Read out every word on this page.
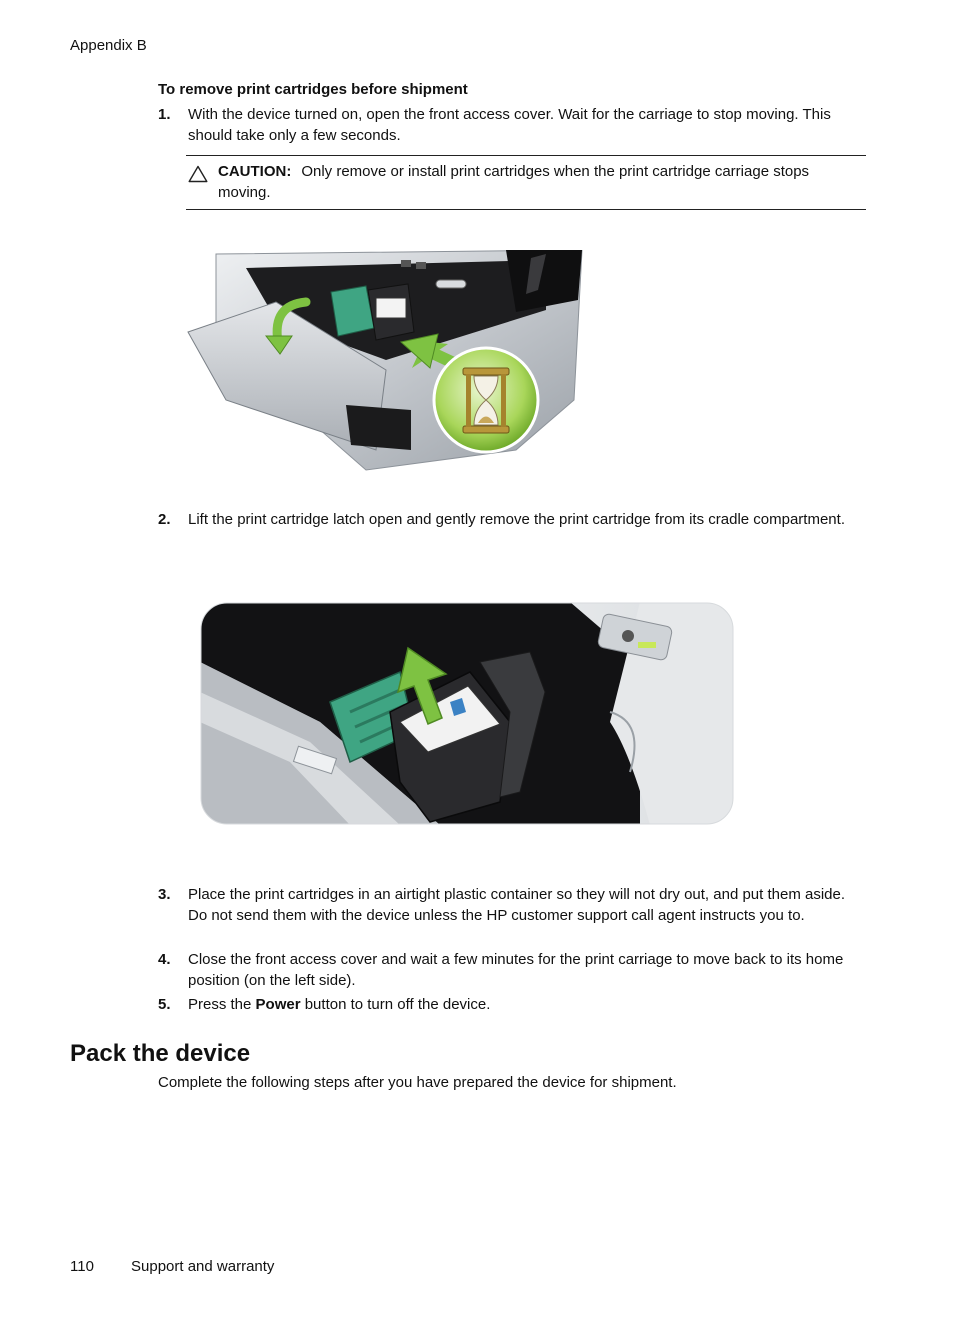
Appendix B
To remove print cartridges before shipment
1. With the device turned on, open the front access cover. Wait for the carriage to stop moving. This should take only a few seconds.
CAUTION: Only remove or install print cartridges when the print cartridge carriage stops moving.
2. Lift the print cartridge latch open and gently remove the print cartridge from its cradle compartment.
3. Place the print cartridges in an airtight plastic container so they will not dry out, and put them aside. Do not send them with the device unless the HP customer support call agent instructs you to.
4. Close the front access cover and wait a few minutes for the print carriage to move back to its home position (on the left side).
5. Press the Power button to turn off the device.
Pack the device
Complete the following steps after you have prepared the device for shipment.
110 Support and warranty
